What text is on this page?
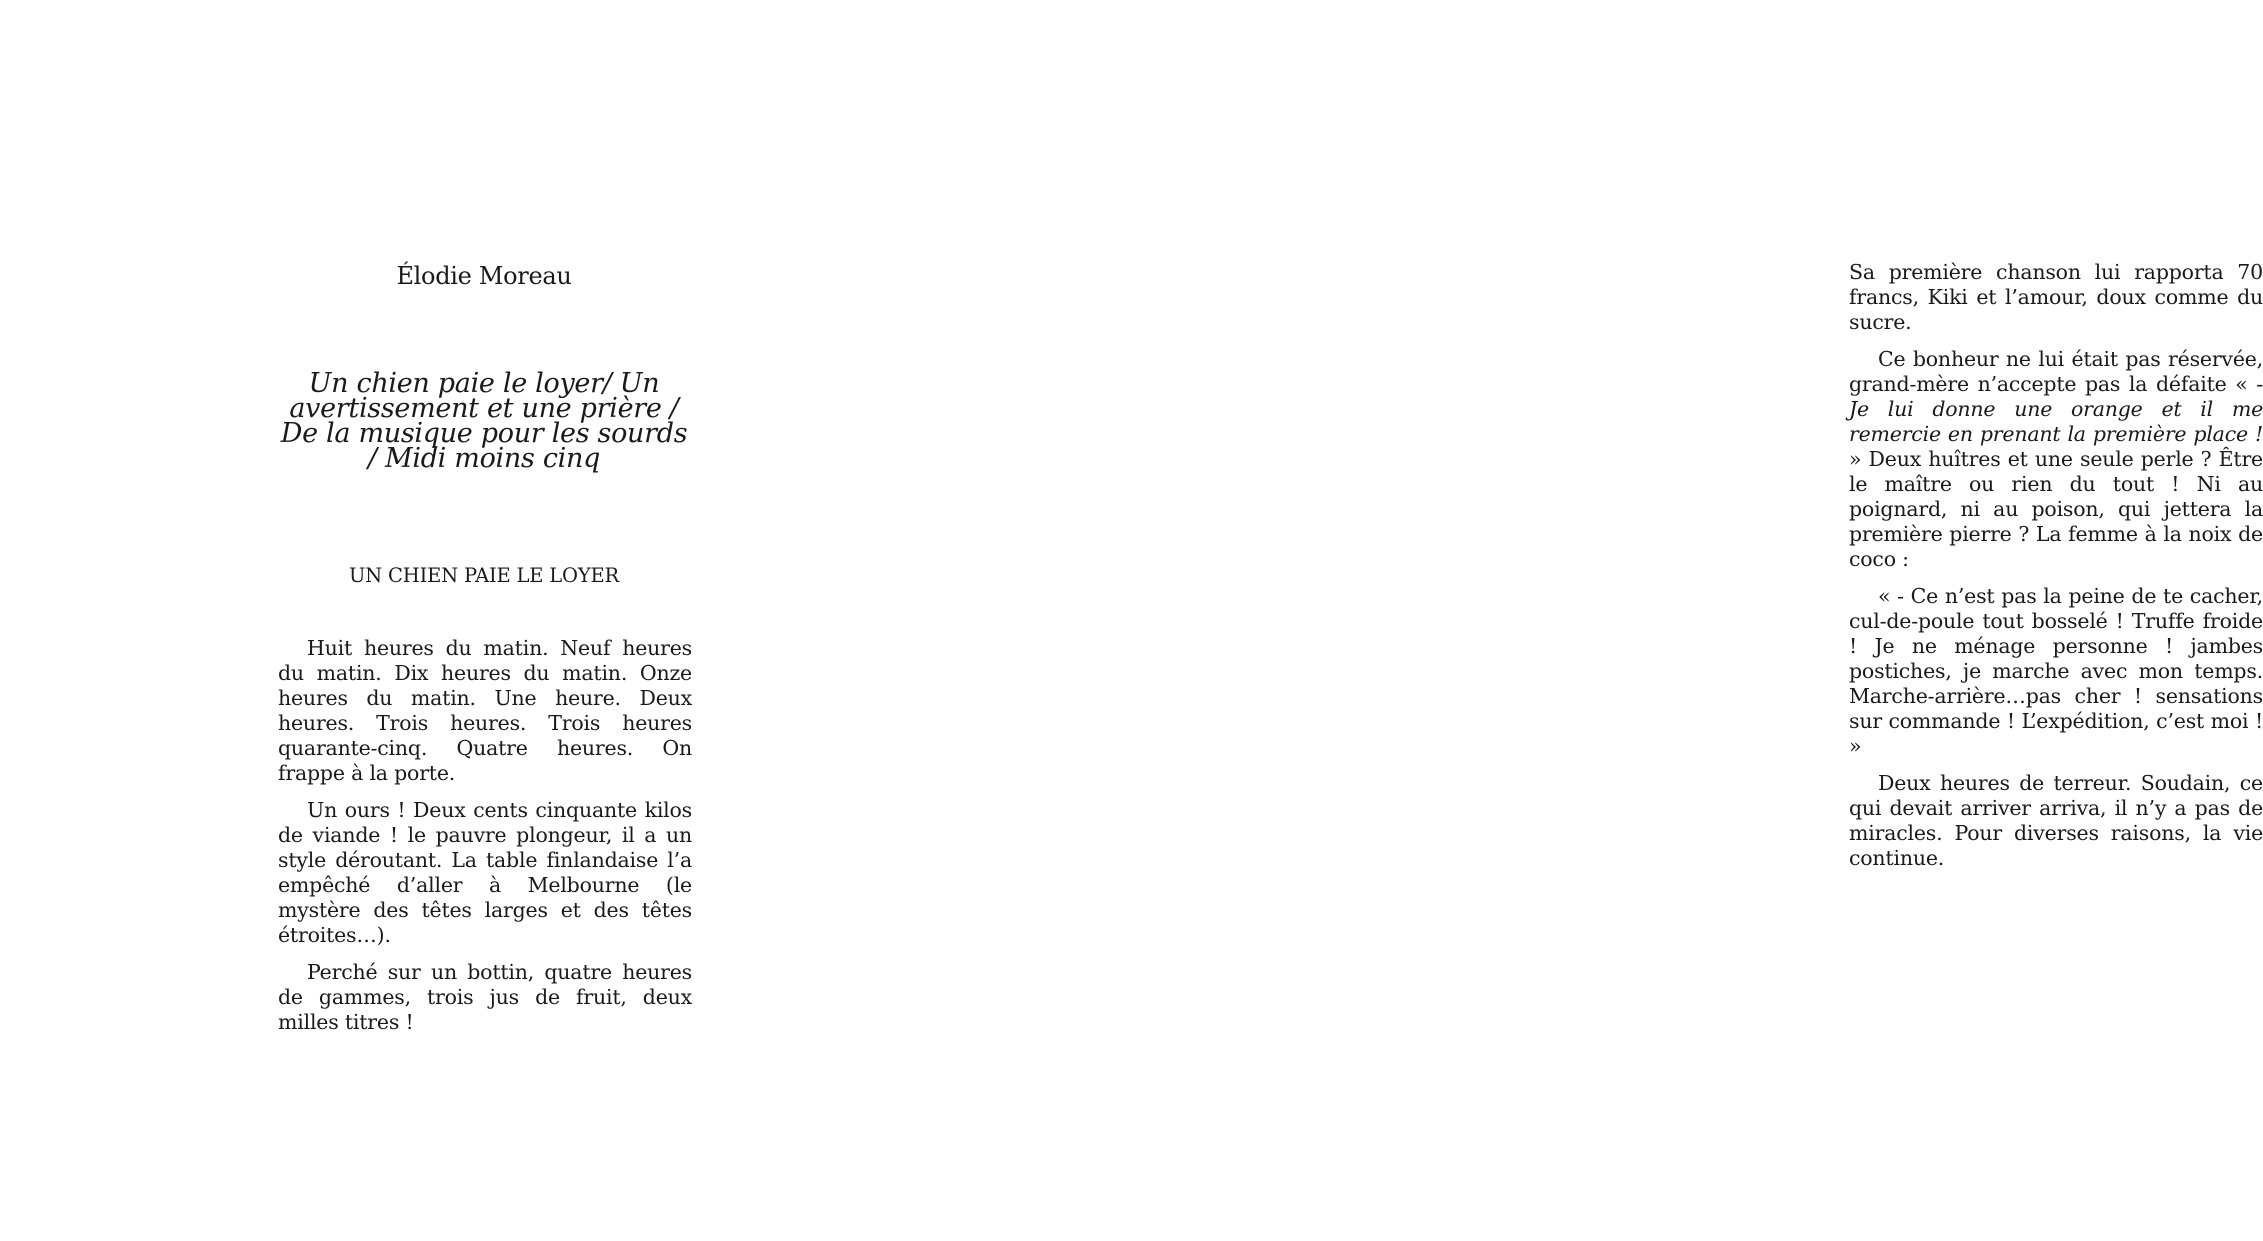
Élodie Moreau
Un chien paie le loyer/ Un avertissement et une prière / De la musique pour les sourds / Midi moins cinq
UN CHIEN PAIE LE LOYER

Huit heures du matin. Neuf heures du matin. Dix heures du matin. Onze heures du matin. Une heure. Deux heures. Trois heures. Trois heures quarante-cinq. Quatre heures. On frappe à la porte.

Un ours ! Deux cents cinquante kilos de viande ! le pauvre plongeur, il a un style déroutant. La table finlandaise l’a empêché d’aller à Melbourne (le mystère des têtes larges et des têtes étroites…).

Perché sur un bottin, quatre heures de gammes, trois jus de fruit, deux milles titres !

Sa première chanson lui rapporta 70 francs, Kiki et l’amour, doux comme du sucre.

Ce bonheur ne lui était pas réservée, grand-mère n’accepte pas la défaite « - Je lui donne une orange et il me remercie en prenant la première place ! » Deux huîtres et une seule perle ? Être le maître ou rien du tout ! Ni au poignard, ni au poison, qui jettera la première pierre ? La femme à la noix de coco :

« - Ce n’est pas la peine de te cacher, cul-de-poule tout bosselé ! Truffe froide ! Je ne ménage personne ! jambes postiches, je marche avec mon temps. Marche-arrière…pas cher ! sensations sur commande ! L’expédition, c’est moi ! »

Deux heures de terreur. Soudain, ce qui devait arriver arriva, il n’y a pas de miracles. Pour diverses raisons, la vie continue.
